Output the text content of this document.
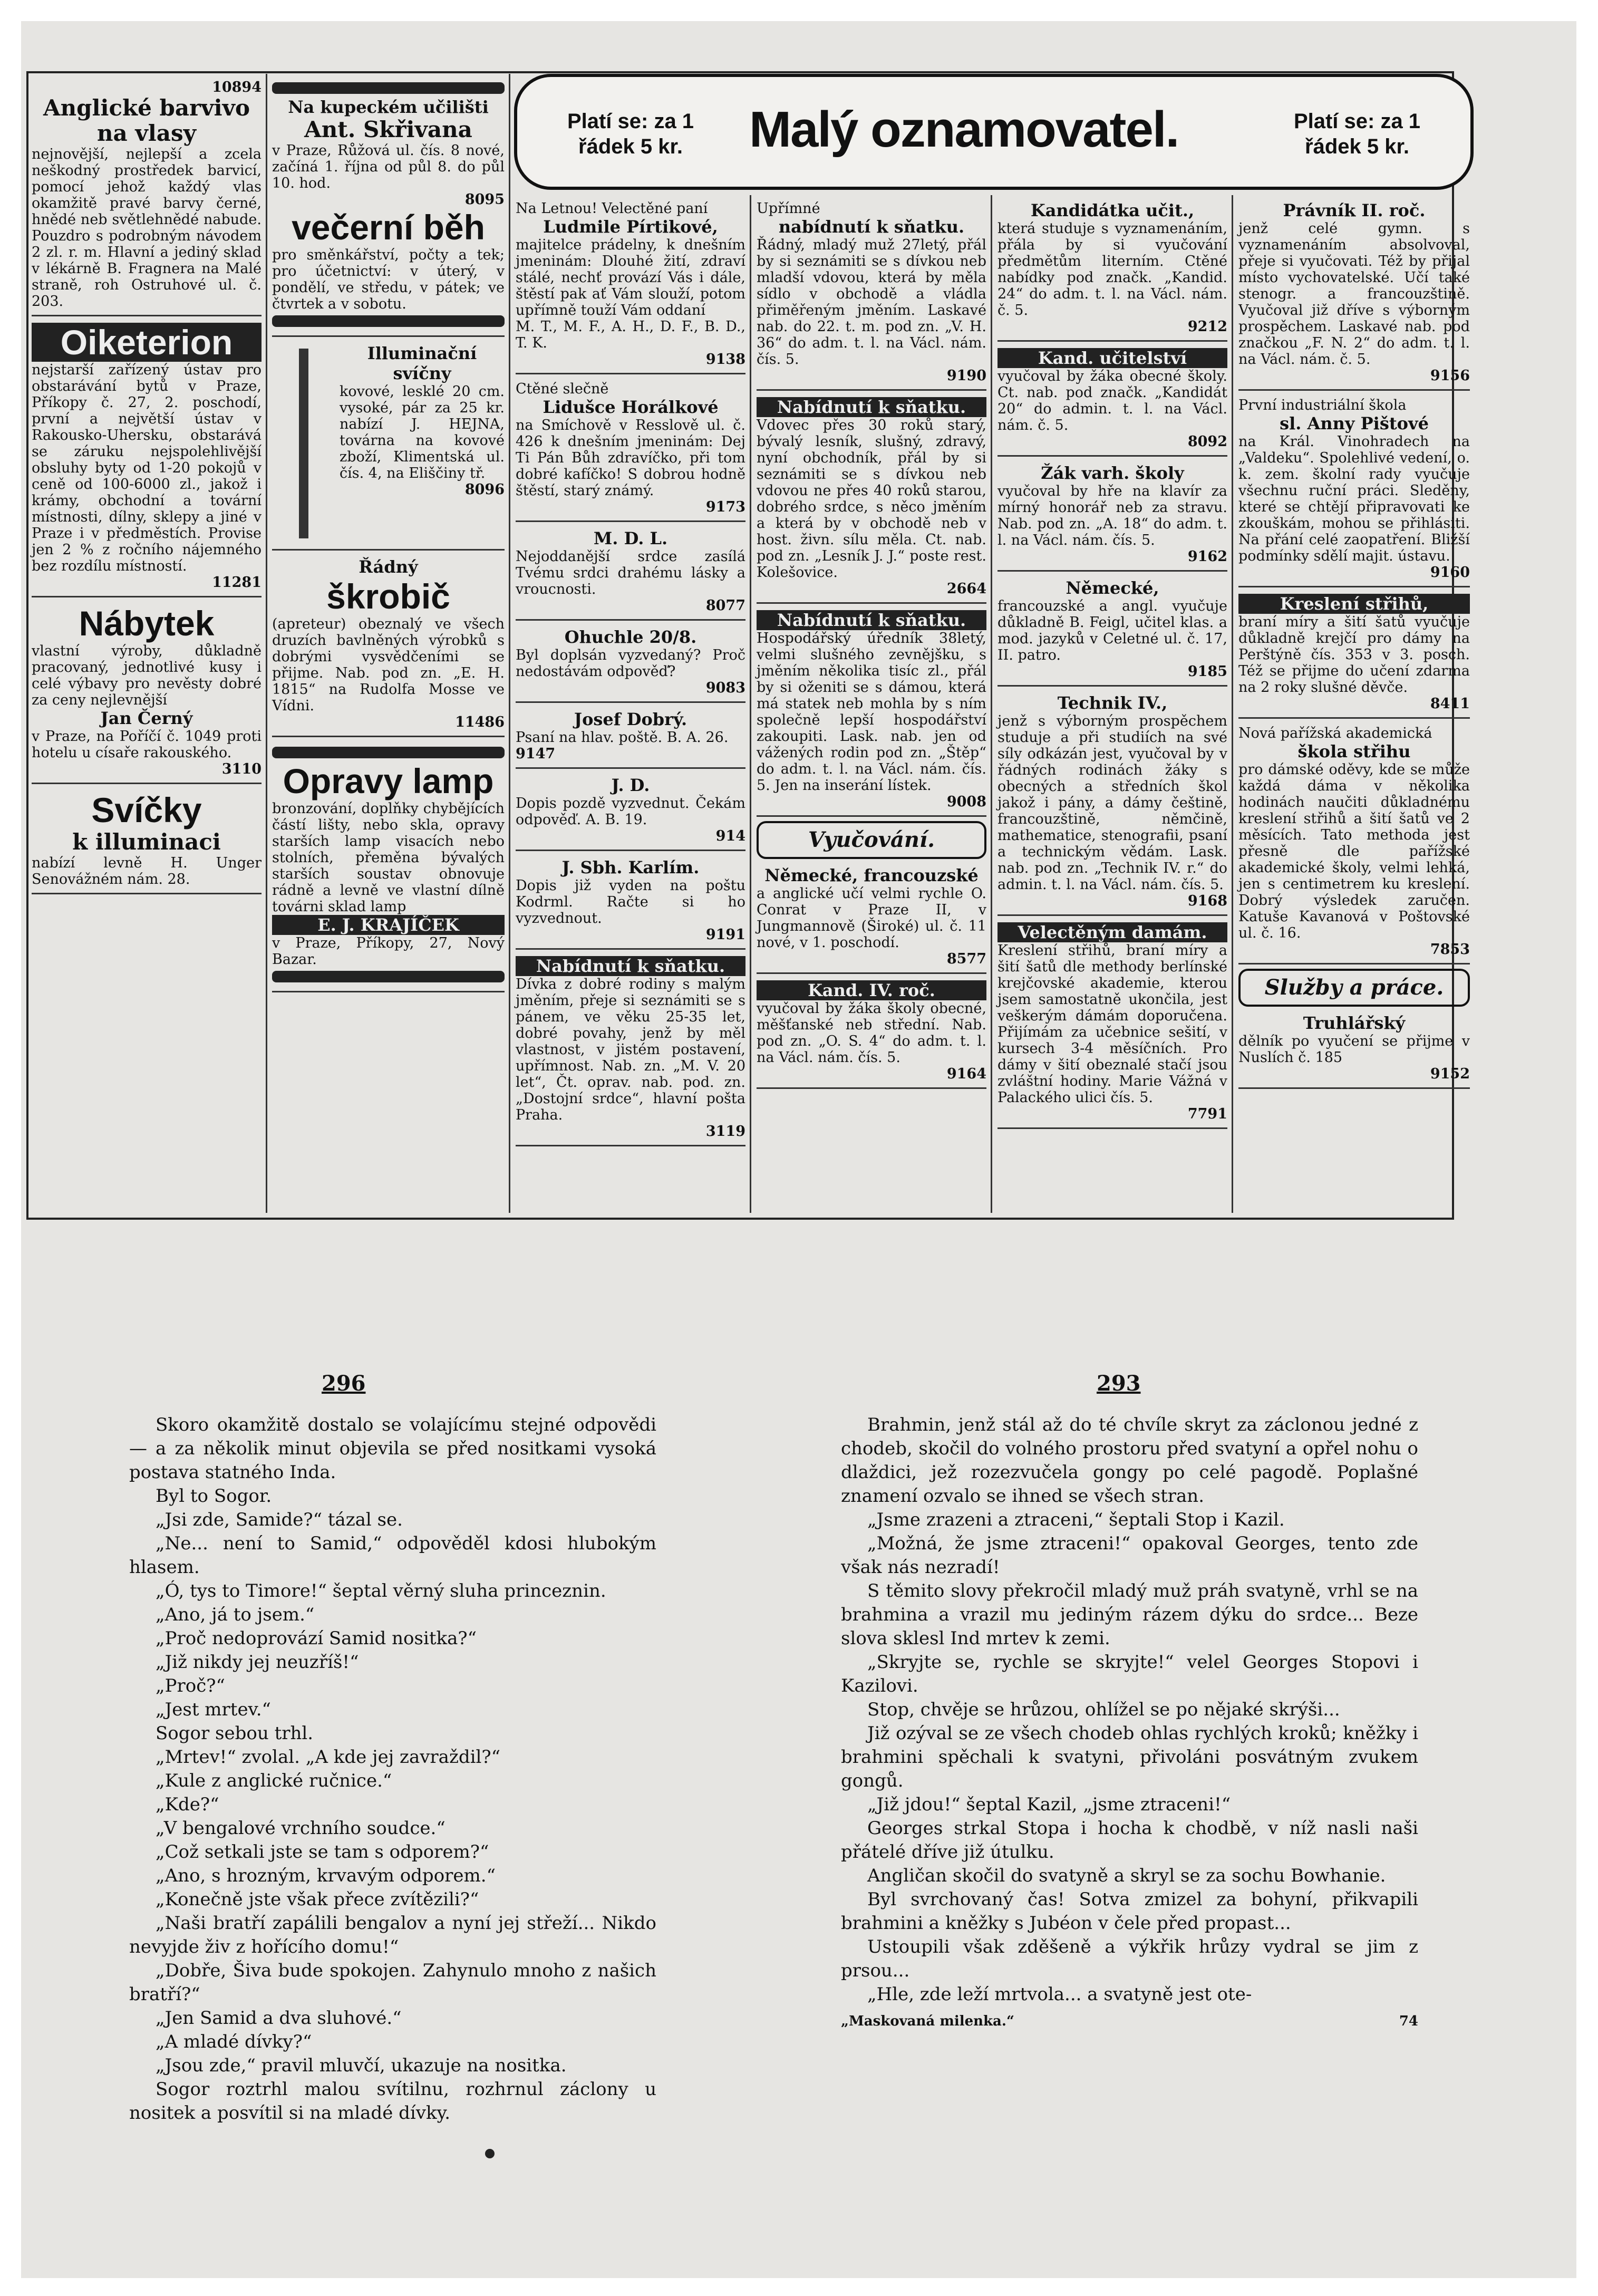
10894
Anglické barvivo na vlasy

nejnovější, nejlepší a zcela neškodný prostředek barvicí, pomocí jehož každý vlas okamžitě pravé barvy černé, hnědé neb světlehnědé nabude. Pouzdro s podrobným návodem 2 zl. r. m. Hlavní a jediný sklad v lékárně B. Fragnera na Malé straně, roh Ostruhové ul. č. 203.

Oiketerion

nejstarší zařízený ústav pro obstarávání bytů v Praze, Příkopy č. 27, 2. poschodí, první a největší ústav v Rakousko-Uhersku, obstarává se záruku nejspolehlivější obsluhy byty od 1-20 pokojů v ceně od 100-6000 zl., jakož i krámy, obchodní a tovární místnosti, dílny, sklepy a jiné v Praze i v předměstích. Provise jen 2 % z ročního nájemného bez rozdílu místností.

11281
Nábytek

vlastní výroby, důkladně pracovaný, jednotlivé kusy i celé výbavy pro nevěsty dobré za ceny nejlevnější

Jan Černý

v Praze, na Poříčí č. 1049 proti hotelu u císaře rakouského.

3110
Svíčky
k illuminaci

nabízí levně H. Unger Senovážném nám. 28.

Na kupeckém učilišti
Ant. Skřivana

v Praze, Růžová ul. čís. 8 nové, začíná 1. října od půl 8. do půl 10. hod.

8095
večerní běh

pro směnkářství, počty a tek; pro účetnictví: v úterý, v pondělí, ve středu, v pátek; ve čtvrtek a v sobotu.

Illuminační svíčny

kovové, lesklé 20 cm. vysoké, pár za 25 kr. nabízí J. HEJNA, továrna na kovové zboží, Klimentská ul. čís. 4, na Eliščiny tř.

8096
Řádný
škrobič

(apreteur) obeznalý ve všech druzích bavlněných výrobků s dobrými vysvědčeními se přijme. Nab. pod zn. „E. H. 1815“ na Rudolfa Mosse ve Vídni.

11486
Opravy lamp

bronzování, doplňky chybějících částí lišty, nebo skla, opravy starších lamp visacích nebo stolních, přeměna bývalých starších soustav obnovuje rádně a levně ve vlastní dílně továrni sklad lamp

E. J. KRAJÍČEK

v Praze, Příkopy, 27, Nový Bazar.

Platí se: za 1 řádek 5 kr.	Malý oznamovatel.	Platí se: za 1 řádek 5 kr.

Na Letnou! Velectěné paní

Ludmile Pírtikové,

majitelce prádelny, k dnešním jmeninám: Dlouhé žití, zdraví stálé, nechť provází Vás i dále, štěstí pak ať Vám slouží, potom upřímně touží Vám oddaní

M. T., M. F., A. H., D. F., B. D., T. K.

9138

Ctěné slečně

Lidušce Horálkové

na Smíchově v Resslově ul. č. 426 k dnešním jmeninám: Dej Ti Pán Bůh zdravíčko, při tom dobré kafíčko! S dobrou hodně štěstí, starý známý.

9173
M. D. L.

Nejoddanější srdce zasílá Tvému srdci drahému lásky a vroucnosti.

8077
Ohuchle 20/8.

Byl doplsán vyzvedaný? Proč nedostávám odpověď?

9083
Josef Dobrý.

Psaní na hlav. poště. B. A. 26.

9147
J. D.

Dopis pozdě vyzvednut. Čekám odpověď. A. B. 19.

914
J. Sbh. Karlím.

Dopis již vyden na poštu Kodrml. Račte si ho vyzvednout.

9191
Nabídnutí k sňatku.

Dívka z dobré rodiny s malým jměním, přeje si seznámiti se s pánem, ve věku 25-35 let, dobré povahy, jenž by měl vlastnost, v jistém postavení, upřímnost. Nab. zn. „M. V. 20 let“, Čt. oprav. nab. pod. zn. „Dostojní srdce“, hlavní pošta Praha.

3119

Upřímné

nabídnutí k sňatku.

Řádný, mladý muž 27letý, přál by si seznámiti se s dívkou neb mladší vdovou, která by měla sídlo v obchodě a vládla přiměřeným jměním. Laskavé nab. do 22. t. m. pod zn. „V. H. 36“ do adm. t. l. na Václ. nám. čís. 5.

9190
Nabídnutí k sňatku.

Vdovec přes 30 roků starý, bývalý lesník, slušný, zdravý, nyní obchodník, přál by si seznámiti se s dívkou neb vdovou ne přes 40 roků starou, dobrého srdce, s něco jměním a která by v obchodě neb v host. živn. sílu měla. Ct. nab. pod zn. „Lesník J. J.“ poste rest. Kolešovice.

2664
Nabídnutí k sňatku.

Hospodářský úředník 38letý, velmi slušného zevnějšku, s jměním několika tisíc zl., přál by si oženiti se s dámou, která má statek neb mohla by s ním společně lepší hospodářství zakoupiti. Lask. nab. jen od vážených rodin pod zn. „Štěp“ do adm. t. l. na Václ. nám. čís. 5. Jen na inserání lístek.

9008
Vyučování.
Německé, francouzské

a anglické učí velmi rychle O. Conrat v Praze II, v Jungmannově (Široké) ul. č. 11 nové, v 1. poschodí.

8577
Kand. IV. roč.

vyučoval by žáka školy obecné, měšťanské neb střední. Nab. pod zn. „O. S. 4“ do adm. t. l. na Václ. nám. čís. 5.

9164
Kandidátka učit.,

která studuje s vyznamenáním, přála by si vyučování předmětům literním. Ctěné nabídky pod značk. „Kandid. 24“ do adm. t. l. na Václ. nám. č. 5.

9212
Kand. učitelství

vyučoval by žáka obecné školy. Ct. nab. pod značk. „Kandidát 20“ do admin. t. l. na Václ. nám. č. 5.

8092
Žák varh. školy

vyučoval by hře na klavír za mírný honorář neb za stravu. Nab. pod zn. „A. 18“ do adm. t. l. na Václ. nám. čís. 5.

9162
Německé,

francouzské a angl. vyučuje důkladně B. Feigl, učitel klas. a mod. jazyků v Celetné ul. č. 17, II. patro.

9185
Technik IV.,

jenž s výborným prospěchem studuje a při studiích na své síly odkázán jest, vyučoval by v řádných rodinách žáky s obecných a středních škol jakož i pány, a dámy češtině, francouzštině, němčině, mathematice, stenografii, psaní a technickým vědám. Lask. nab. pod zn. „Technik IV. r.“ do admin. t. l. na Václ. nám. čís. 5.

9168
Velectěným damám.

Kreslení střihů, braní míry a šití šatů dle methody berlínské krejčovské akademie, kterou jsem samostatně ukončila, jest veškerým dámám doporučena. Přijímám za učebnice sešití, v kursech 3-4 měsíčních. Pro dámy v šití obeznalé stačí jsou zvláštní hodiny. Marie Vážná v Palackého ulici čís. 5.

7791
Právník II. roč.

jenž celé gymn. s vyznamenáním absolvoval, přeje si vyučovati. Též by přijal místo vychovatelské. Učí také stenogr. a francouzštině. Vyučoval již dříve s výborným prospěchem. Laskavé nab. pod značkou „F. N. 2“ do adm. t. l. na Václ. nám. č. 5.

9156

První industriální škola

sl. Anny Pištové

na Král. Vinohradech na „Valdeku“. Spolehlivé vedení, o. k. zem. školní rady vyučuje všechnu ruční práci. Sleděny, které se chtějí připravovati ke zkouškám, mohou se přihlásiti. Na přání celé zaopatření. Bližší podmínky sdělí majit. ústavu.

9160
Kreslení střihů,

braní míry a šití šatů vyučuje důkladně krejčí pro dámy na Perštýně čís. 353 v 3. posch. Též se přijme do učení zdarma na 2 roky slušné děvče.

8411

Nová pařížská akademická

škola střihu

pro dámské oděvy, kde se může každá dáma v několika hodinách naučiti důkladnému kreslení střihů a šití šatů ve 2 měsících. Tato methoda jest přesně dle pařížské akademické školy, velmi lehká, jen s centimetrem ku kreslení. Dobrý výsledek zaručen. Katuše Kavanová v Poštovské ul. č. 16.

7853
Služby a práce.
Truhlářský

dělník po vyučení se přijme v Nuslích č. 185

9152
296	293

Skoro okamžitě dostalo se volajícímu stejné odpovědi — a za několik minut objevila se před nositkami vysoká postava statného Inda.

Byl to Sogor.

„Jsi zde, Samide?“ tázal se.

„Ne... není to Samid,“ odpověděl kdosi hlubokým hlasem.

„Ó, tys to Timore!“ šeptal věrný sluha princeznin.

„Ano, já to jsem.“

„Proč nedoprovází Samid nositka?“

„Již nikdy jej neuzříš!“

„Proč?“

„Jest mrtev.“

Sogor sebou trhl.

„Mrtev!“ zvolal. „A kde jej zavraždil?“

„Kule z anglické ručnice.“

„Kde?“

„V bengalové vrchního soudce.“

„Což setkali jste se tam s odporem?“

„Ano, s hrozným, krvavým odporem.“

„Konečně jste však přece zvítězili?“

„Naši bratří zapálili bengalov a nyní jej střeží... Nikdo nevyjde živ z hořícího domu!“

„Dobře, Šiva bude spokojen. Zahynulo mnoho z našich bratří?“

„Jen Samid a dva sluhové.“

„A mladé dívky?“

„Jsou zde,“ pravil mluvčí, ukazuje na nositka.

Sogor roztrhl malou svítilnu, rozhrnul záclony u nositek a posvítil si na mladé dívky.

Brahmin, jenž stál až do té chvíle skryt za záclonou jedné z chodeb, skočil do volného prostoru před svatyní a opřel nohu o dlaždici, jež rozezvučela gongy po celé pagodě. Poplašné znamení ozvalo se ihned se všech stran.

„Jsme zrazeni a ztraceni,“ šeptali Stop i Kazil.

„Možná, že jsme ztraceni!“ opakoval Georges, tento zde však nás nezradí!

S těmito slovy překročil mladý muž práh svatyně, vrhl se na brahmina a vrazil mu jediným rázem dýku do srdce... Beze slova sklesl Ind mrtev k zemi.

„Skryjte se, rychle se skryjte!“ velel Georges Stopovi i Kazilovi.

Stop, chvěje se hrůzou, ohlížel se po nějaké skrýši...

Již ozýval se ze všech chodeb ohlas rychlých kroků; kněžky i brahmini spěchali k svatyni, přivoláni posvátným zvukem gongů.

„Již jdou!“ šeptal Kazil, „jsme ztraceni!“

Georges strkal Stopa i hocha k chodbě, v níž nasli naši přátelé dříve již útulku.

Angličan skočil do svatyně a skryl se za sochu Bowhanie.

Byl svrchovaný čas! Sotva zmizel za bohyní, přikvapili brahmini a kněžky s Jubéon v čele před propast...

Ustoupili však zděšeně a výkřik hrůzy vydral se jim z prsou...

„Hle, zde leží mrtvola... a svatyně jest ote-

„Maskovaná milenka.“	74
